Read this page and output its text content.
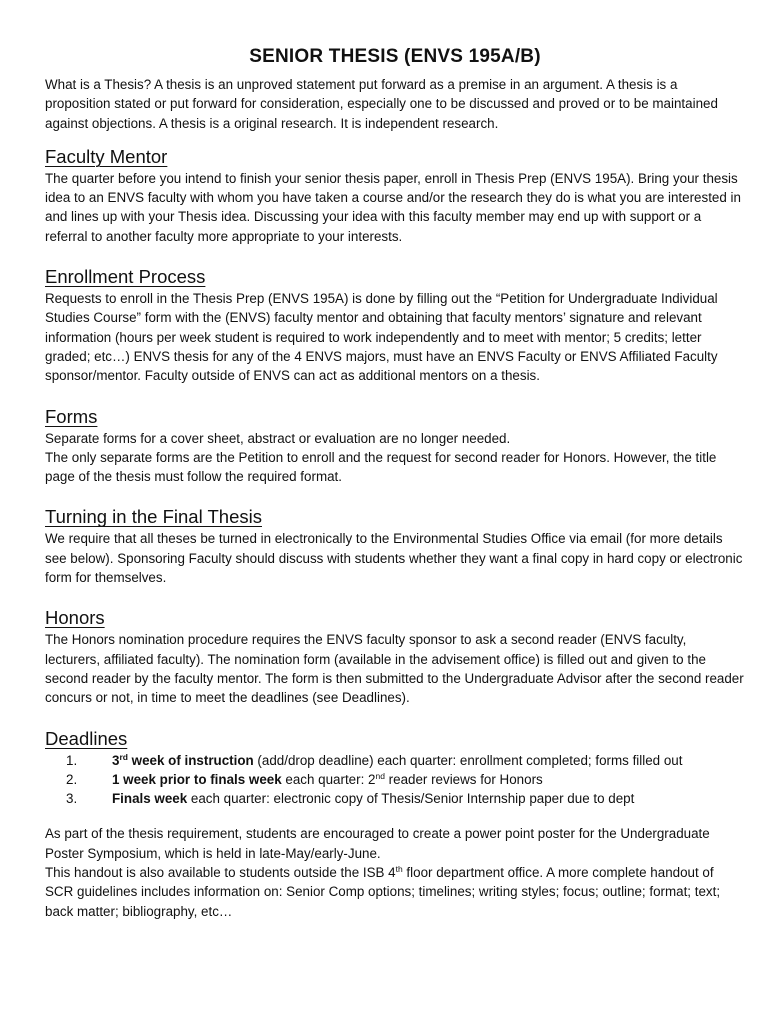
SENIOR THESIS (ENVS 195A/B)

What is a Thesis? A thesis is an unproved statement put forward as a premise in an argument. A thesis is a proposition stated or put forward for consideration, especially one to be discussed and proved or to be maintained against objections. A thesis is a original research. It is independent research.

Faculty Mentor

The quarter before you intend to finish your senior thesis paper, enroll in Thesis Prep (ENVS 195A). Bring your thesis idea to an ENVS faculty with whom you have taken a course and/or the research they do is what you are interested in and lines up with your Thesis idea. Discussing your idea with this faculty member may end up with support or a referral to another faculty more appropriate to your interests.

Enrollment Process

Requests to enroll in the Thesis Prep (ENVS 195A) is done by filling out the “Petition for Undergraduate Individual Studies Course” form with the (ENVS) faculty mentor and obtaining that faculty mentors’ signature and relevant information (hours per week student is required to work independently and to meet with mentor; 5 credits; letter graded; etc…) ENVS thesis for any of the 4 ENVS majors, must have an ENVS Faculty or ENVS Affiliated Faculty sponsor/mentor. Faculty outside of ENVS can act as additional mentors on a thesis.

Forms

Separate forms for a cover sheet, abstract or evaluation are no longer needed.

The only separate forms are the Petition to enroll and the request for second reader for Honors. However, the title page of the thesis must follow the required format.

Turning in the Final Thesis

We require that all theses be turned in electronically to the Environmental Studies Office via email (for more details see below). Sponsoring Faculty should discuss with students whether they want a final copy in hard copy or electronic form for themselves.

Honors

The Honors nomination procedure requires the ENVS faculty sponsor to ask a second reader (ENVS faculty, lecturers, affiliated faculty). The nomination form (available in the advisement office) is filled out and given to the second reader by the faculty mentor. The form is then submitted to the Undergraduate Advisor after the second reader concurs or not, in time to meet the deadlines (see Deadlines).

Deadlines
1.	3rd week of instruction (add/drop deadline) each quarter: enrollment completed; forms filled out
2.	1 week prior to finals week each quarter: 2nd reader reviews for Honors
3.	Finals week each quarter: electronic copy of Thesis/Senior Internship paper due to dept

As part of the thesis requirement, students are encouraged to create a power point poster for the Undergraduate Poster Symposium, which is held in late-May/early-June.

This handout is also available to students outside the ISB 4th floor department office. A more complete handout of SCR guidelines includes information on: Senior Comp options; timelines; writing styles; focus; outline; format; text; back matter; bibliography, etc…
